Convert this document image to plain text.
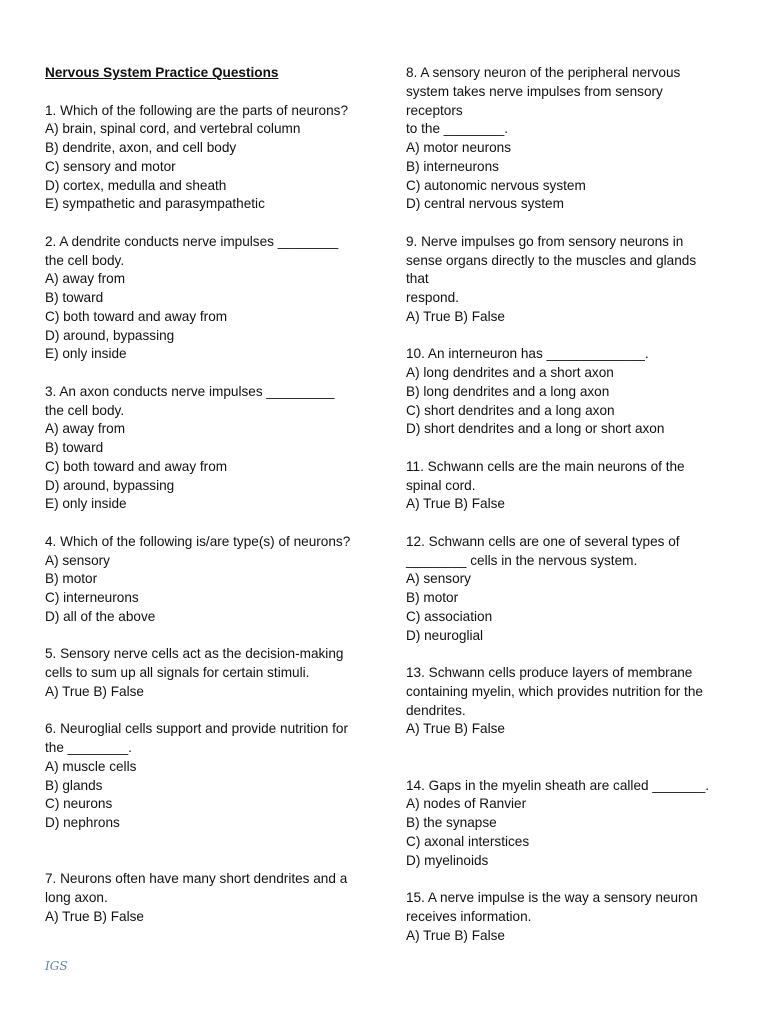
Nervous System Practice Questions
1. Which of the following are the parts of neurons?
A) brain, spinal cord, and vertebral column
B) dendrite, axon, and cell body
C) sensory and motor
D) cortex, medulla and sheath
E) sympathetic and parasympathetic
2. A dendrite conducts nerve impulses ________
the cell body.
A) away from
B) toward
C) both toward and away from
D) around, bypassing
E) only inside
3. An axon conducts nerve impulses _________
the cell body.
A) away from
B) toward
C) both toward and away from
D) around, bypassing
E) only inside
4. Which of the following is/are type(s) of neurons?
A) sensory
B) motor
C) interneurons
D) all of the above
5. Sensory nerve cells act as the decision-making
cells to sum up all signals for certain stimuli.
A) True B) False
6. Neuroglial cells support and provide nutrition for
the ________.
A) muscle cells
B) glands
C) neurons
D) nephrons
7. Neurons often have many short dendrites and a
long axon.
A) True B) False
8. A sensory neuron of the peripheral nervous
system takes nerve impulses from sensory
receptors
to the ________.
A) motor neurons
B) interneurons
C) autonomic nervous system
D) central nervous system
9. Nerve impulses go from sensory neurons in
sense organs directly to the muscles and glands
that
respond.
A) True B) False
10. An interneuron has _____________.
A) long dendrites and a short axon
B) long dendrites and a long axon
C) short dendrites and a long axon
D) short dendrites and a long or short axon
11. Schwann cells are the main neurons of the
spinal cord.
A) True B) False
12. Schwann cells are one of several types of
________ cells in the nervous system.
A) sensory
B) motor
C) association
D) neuroglial
13. Schwann cells produce layers of membrane
containing myelin, which provides nutrition for the
dendrites.
A) True B) False
14. Gaps in the myelin sheath are called _______.
A) nodes of Ranvier
B) the synapse
C) axonal interstices
D) myelinoids
15. A nerve impulse is the way a sensory neuron
receives information.
A) True B) False
IGS
